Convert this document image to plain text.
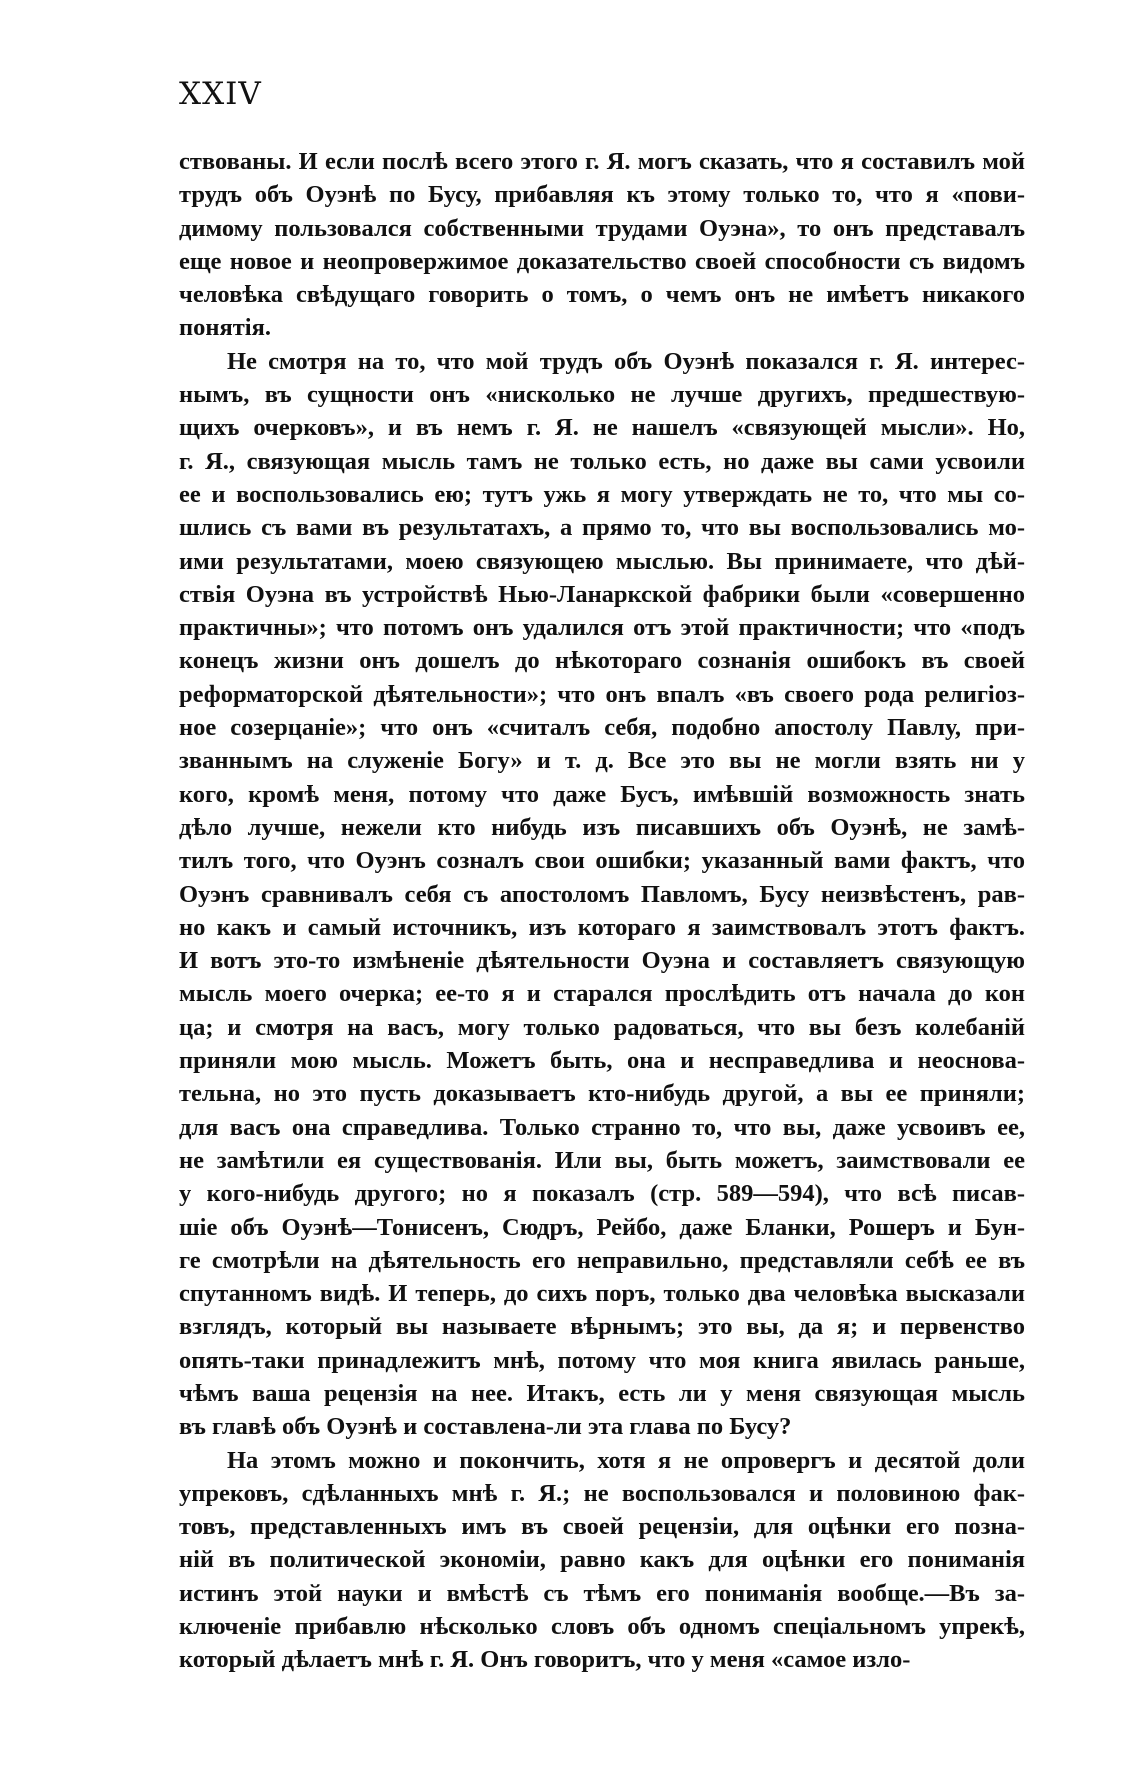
XXIV
ствованы. И если послѣ всего этого г. Я. могъ сказать, что я составилъ мой
трудъ объ Оуэнѣ по Бусу, прибавляя къ этому только то, что я «пови-
димому пользовался собственными трудами Оуэна», то онъ представалъ
еще новое и неопровержимое доказательство своей способности съ видомъ
человѣка свѣдущаго говорить о томъ, о чемъ онъ не имѣетъ никакого
понятія.
Не смотря на то, что мой трудъ объ Оуэнѣ показался г. Я. интерес-
нымъ, въ сущности онъ «нисколько не лучше другихъ, предшествую-
щихъ очерковъ», и въ немъ г. Я. не нашелъ «связующей мысли». Но,
г. Я., связующая мысль тамъ не только есть, но даже вы сами усвоили
ее и воспользовались ею; тутъ ужь я могу утверждать не то, что мы со-
шлись съ вами въ результатахъ, а прямо то, что вы воспользовались мо-
ими результатами, моею связующею мыслью. Вы принимаете, что дѣй-
ствія Оуэна въ устройствѣ Нью-Ланаркской фабрики были «совершенно
практичны»; что потомъ онъ удалился отъ этой практичности; что «подъ
конецъ жизни онъ дошелъ до нѣкотораго сознанія ошибокъ въ своей
реформаторской дѣятельности»; что онъ впалъ «въ своего рода религіоз-
ное созерцаніе»; что онъ «считалъ себя, подобно апостолу Павлу, при-
званнымъ на служеніе Богу» и т. д. Все это вы не могли взять ни у
кого, кромѣ меня, потому что даже Бусъ, имѣвшій возможность знать
дѣло лучше, нежели кто нибудь изъ писавшихъ объ Оуэнѣ, не замѣ-
тилъ того, что Оуэнъ созналъ свои ошибки; указанный вами фактъ, что
Оуэнъ сравнивалъ себя съ апостоломъ Павломъ, Бусу неизвѣстенъ, рав-
но какъ и самый источникъ, изъ котораго я заимствовалъ этотъ фактъ.
И вотъ это-то измѣненіе дѣятельности Оуэна и составляетъ связующую
мысль моего очерка; ее-то я и старался прослѣдить отъ начала до кон
ца; и смотря на васъ, могу только радоваться, что вы безъ колебаній
приняли мою мысль. Можетъ быть, она и несправедлива и неоснова-
тельна, но это пусть доказываетъ кто-нибудь другой, а вы ее приняли;
для васъ она справедлива. Только странно то, что вы, даже усвоивъ ее,
не замѣтили ея существованія. Или вы, быть можетъ, заимствовали ее
у кого-нибудь другого; но я показалъ (стр. 589—594), что всѣ писав-
шіе объ Оуэнѣ—Тонисенъ, Сюдръ, Рейбо, даже Бланки, Рошеръ и Бун-
ге смотрѣли на дѣятельность его неправильно, представляли себѣ ее въ
спутанномъ видѣ. И теперь, до сихъ поръ, только два человѣка высказали
взглядъ, который вы называете вѣрнымъ; это вы, да я; и первенство
опять-таки принадлежитъ мнѣ, потому что моя книга явилась раньше,
чѣмъ ваша рецензія на нее. Итакъ, есть ли у меня связующая мысль
въ главѣ объ Оуэнѣ и составлена-ли эта глава по Бусу?
На этомъ можно и покончить, хотя я не опровергъ и десятой доли
упрековъ, сдѣланныхъ мнѣ г. Я.; не воспользовался и половиною фак-
товъ, представленныхъ имъ въ своей рецензіи, для оцѣнки его позна-
ній въ политической экономіи, равно какъ для оцѣнки его пониманія
истинъ этой науки и вмѣстѣ съ тѣмъ его пониманія вообще.—Въ за-
ключеніе прибавлю нѣсколько словъ объ одномъ спеціальномъ упрекѣ,
который дѣлаетъ мнѣ г. Я. Онъ говоритъ, что у меня «самое изло-
